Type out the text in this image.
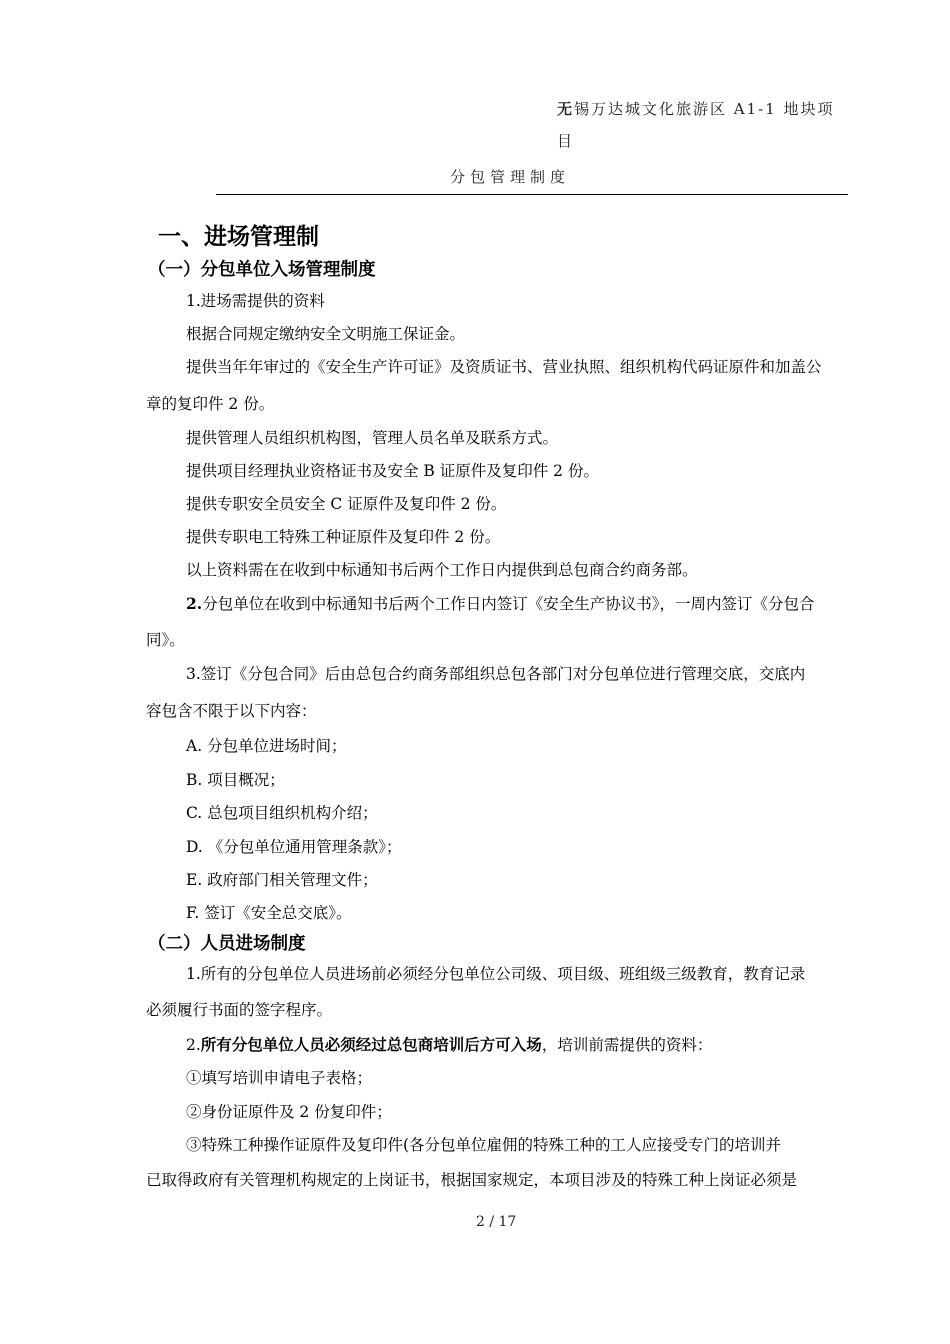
无锡万达城文化旅游区 A1-1 地块项
目
分包管理制度
一、进场管理制
（一）分包单位入场管理制度
1.进场需提供的资料
根据合同规定缴纳安全文明施工保证金。
提供当年年审过的《安全生产许可证》及资质证书、营业执照、组织机构代码证原件和加盖公
章的复印件 2 份。
提供管理人员组织机构图，管理人员名单及联系方式。
提供项目经理执业资格证书及安全 B 证原件及复印件 2 份。
提供专职安全员安全 C 证原件及复印件 2 份。
提供专职电工特殊工种证原件及复印件 2 份。
以上资料需在在收到中标通知书后两个工作日内提供到总包商合约商务部。
2.分包单位在收到中标通知书后两个工作日内签订《安全生产协议书》，一周内签订《分包合
同》。
3.签订《分包合同》后由总包合约商务部组织总包各部门对分包单位进行管理交底，交底内
容包含不限于以下内容：
A. 分包单位进场时间；
B. 项目概况；
C. 总包项目组织机构介绍；
D. 《分包单位通用管理条款》；
E. 政府部门相关管理文件；
F. 签订《安全总交底》。
（二）人员进场制度
1.所有的分包单位人员进场前必须经分包单位公司级、项目级、班组级三级教育，教育记录
必须履行书面的签字程序。
2.所有分包单位人员必须经过总包商培训后方可入场，培训前需提供的资料：
①填写培训申请电子表格；
②身份证原件及 2 份复印件；
③特殊工种操作证原件及复印件(各分包单位雇佣的特殊工种的工人应接受专门的培训并
已取得政府有关管理机构规定的上岗证书，根据国家规定，本项目涉及的特殊工种上岗证必须是
2 / 17
